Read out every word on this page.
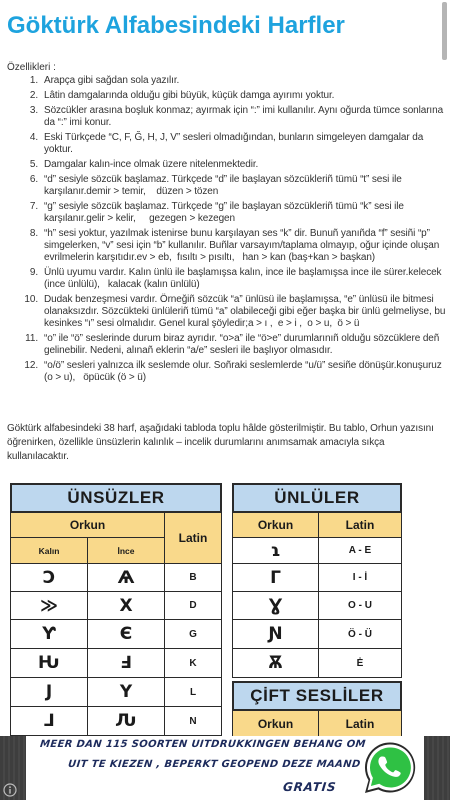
Göktürk Alfabesindeki Harfler
Özellikleri :
1. Arapça gibi sağdan sola yazılır.
2. Lâtin damgalarında olduğu gibi büyük, küçük damga ayırımı yoktur.
3. Sözcükler arasına boşluk konmaz; ayırmak için “:” imi kullanılır. Aynı oğurda tümce sonlarına da “:” imi konur.
4. Eski Türkçede “C, F, Ğ, H, J, V” sesleri olmadığından, bunların simgeleyen damgalar da yoktur.
5. Damgalar kalın-ince olmak üzere nitelenmektedir.
6. “d” sesiyle sözcük başlamaz. Türkçede “d” ile başlayan sözcükleriñ tümü “t” sesi ile karşılanır.demir > temir,    düzen > tözen
7. “g” sesiyle sözcük başlamaz. Türkçede “g” ile başlayan sözcükleriñ tümü “k” sesi ile karşılanır.gelir > kelir,     gezegen > kezegen
8. “h” sesi yoktur, yazılmak istenirse bunu karşılayan ses “k” dir. Bunuñ yanıñda “f” sesiñi “p” simgelerken, “v” sesi için “b” kullanılır. Buñlar varsayım/taplama olmayıp, oğur içinde oluşan evrilmelerin karşıtıdır.ev > eb,  fısıltı > pısıltı,   han > kan (baş+kan > başkan)
9. Ünlü uyumu vardır. Kalın ünlü ile başlamışsa kalın, ince ile başlamışsa ince ile sürer.kelecek (ince ünlülü),   kalacak (kalın ünlülü)
10. Dudak benzeşmesi vardır. Örneğiñ sözcük “a” ünlüsü ile başlamışsa, “e” ünlüsü ile bitmesi olanaksızdır. Sözcükteki ünlüleriñ tümü “a” olabileceği gibi eğer başka bir ünlü gelmeliyse, bu kesinkes “ı” sesi olmalıdır. Genel kural şöyledir;a > ı ,  e > i ,  o > u,  ö > ü
11. “o” ile “ö” seslerinde durum biraz ayrıdır. “o>a” ile “ö>e” durumlarınıñ olduğu sözcüklere deñ gelinebilir. Nedeni, alınañ eklerin “a/e” sesleri ile başlıyor olmasıdır.
12. “o/ö” sesleri yalnızca ilk seslemde olur. Soñraki seslemlerde “u/ü” sesiñe dönüşür.konuşuruz (o > u),   öpücük (ö > ü)
Göktürk alfabesindeki 38 harf, aşağıdaki tabloda toplu hâlde gösterilmiştir. Bu tablo, Orhun yazısını öğrenirken, özellikle ünsüzlerin kalınlık – incelik durumlarını anımsamak amacıyla sıkça kullanılacaktır.
ÜNSÜZLER
Orkun
Latin
Kalın	İnce
Ↄ	Ѧ	B
≫	X	D
Ƴ	Є	G
Ԋ	Ⅎ	K
J	Y	L
⅃	Ԉ	N
ÜNLÜLER
Orkun	Latin
ɿ	A - E
Γ	I - İ
Ɣ	O - U
Ɲ	Ö - Ü
Ѫ	Ė
ÇİFT SESLİLER
Orkun	Latin
MEER DAN 115 SOORTEN UITDRUKKINGEN BEHANG OM
UIT TE KIEZEN , BEPERKT GEOPEND DEZE MAAND
GRATIS
